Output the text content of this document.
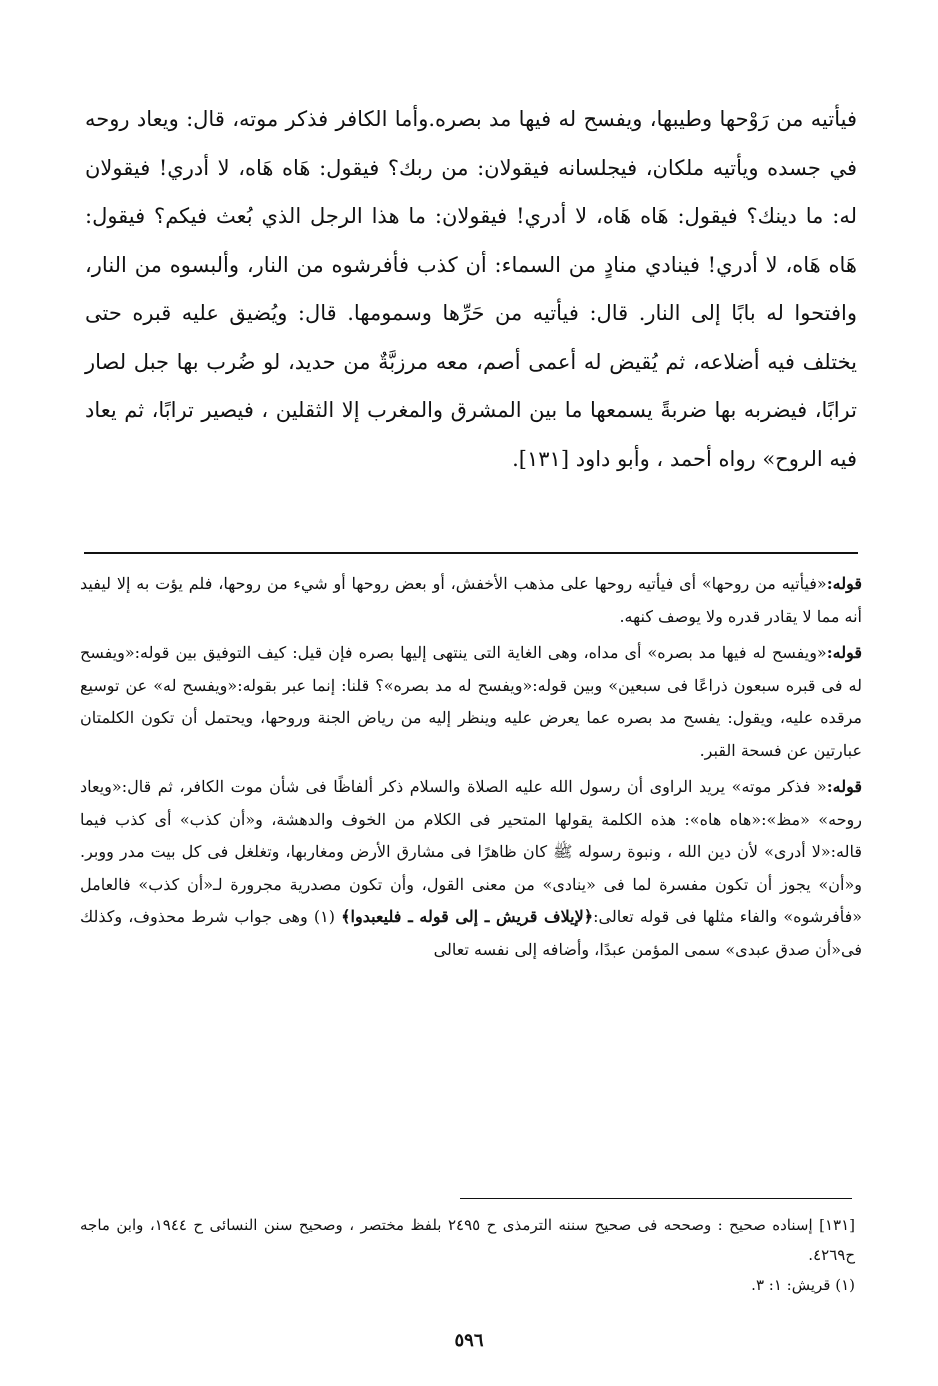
فيأتيه من رَوْحها وطيبها، ويفسح له فيها مد بصره.وأما الكافر فذكر موته، قال: ويعاد روحه في جسده ويأتيه ملكان، فيجلسانه فيقولان: من ربك؟ فيقول: هَاه هَاه، لا أدري! فيقولان له: ما دينك؟ فيقول: هَاه هَاه، لا أدري! فيقولان: ما هذا الرجل الذي بُعث فيكم؟ فيقول: هَاه هَاه، لا أدري! فينادي منادٍ من السماء: أن كذب فأفرشوه من النار، وألبسوه من النار، وافتحوا له بابًا إلى النار. قال: فيأتيه من حَرِّها وسمومها. قال: ويُضيق عليه قبره حتى يختلف فيه أضلاعه، ثم يُقيض له أعمى أصم، معه مرزبَّةٌ من حديد، لو ضُرب بها جبل لصار ترابًا، فيضربه بها ضربةً يسمعها ما بين المشرق والمغرب إلا الثقلين ، فيصير ترابًا، ثم يعاد فيه الروح» رواه أحمد ، وأبو داود [١٣١].

قوله:«فيأتيه من روحها» أى فيأتيه روحها على مذهب الأخفش، أو بعض روحها أو شيء من روحها، فلم يؤت به إلا ليفيد أنه مما لا يقادر قدره ولا يوصف كنهه.

قوله:«ويفسح له فيها مد بصره» أى مداه، وهى الغاية التى ينتهى إليها بصره فإن قيل: كيف التوفيق بين قوله:«ويفسح له فى قبره سبعون ذراعًا فى سبعين» وبين قوله:«ويفسح له مد بصره»؟ قلنا: إنما عبر بقوله:«ويفسح له» عن توسيع مرقده عليه، ويقول: يفسح مد بصره عما يعرض عليه وينظر إليه من رياض الجنة وروحها، ويحتمل أن تكون الكلمتان عبارتين عن فسحة القبر.

قوله:« فذكر موته» يريد الراوى أن رسول الله عليه الصلاة والسلام ذكر ألفاظًا فى شأن موت الكافر، ثم قال:«ويعاد روحه» «مظ»:«هاه هاه»: هذه الكلمة يقولها المتحير فى الكلام من الخوف والدهشة، و«أن كذب» أى كذب فيما قاله:«لا أدرى» لأن دين الله ، ونبوة رسوله ﷺ كان ظاهرًا فى مشارق الأرض ومغاربها، وتغلغل فى كل بيت مدر ووبر. و«أن» يجوز أن تكون مفسرة لما فى «ينادى» من معنى القول، وأن تكون مصدرية مجرورة لـ«أن كذب» فالعامل «فأفرشوه» والفاء مثلها فى قوله تعالى:﴿لإيلاف قريش ـ إلى قوله ـ فليعبدوا﴾ (١) وهى جواب شرط محذوف، وكذلك فى«أن صدق عبدى» سمى المؤمن عبدًا، وأضافه إلى نفسه تعالى

[١٣١] إسناده صحيح : وصححه فى صحيح سننه الترمذى ح ٢٤٩٥ بلفظ مختصر ، وصحيح سنن النسائى ح ١٩٤٤، وابن ماجه ح٤٢٦٩.

(١) قريش: ١: ٣.

٥٩٦
